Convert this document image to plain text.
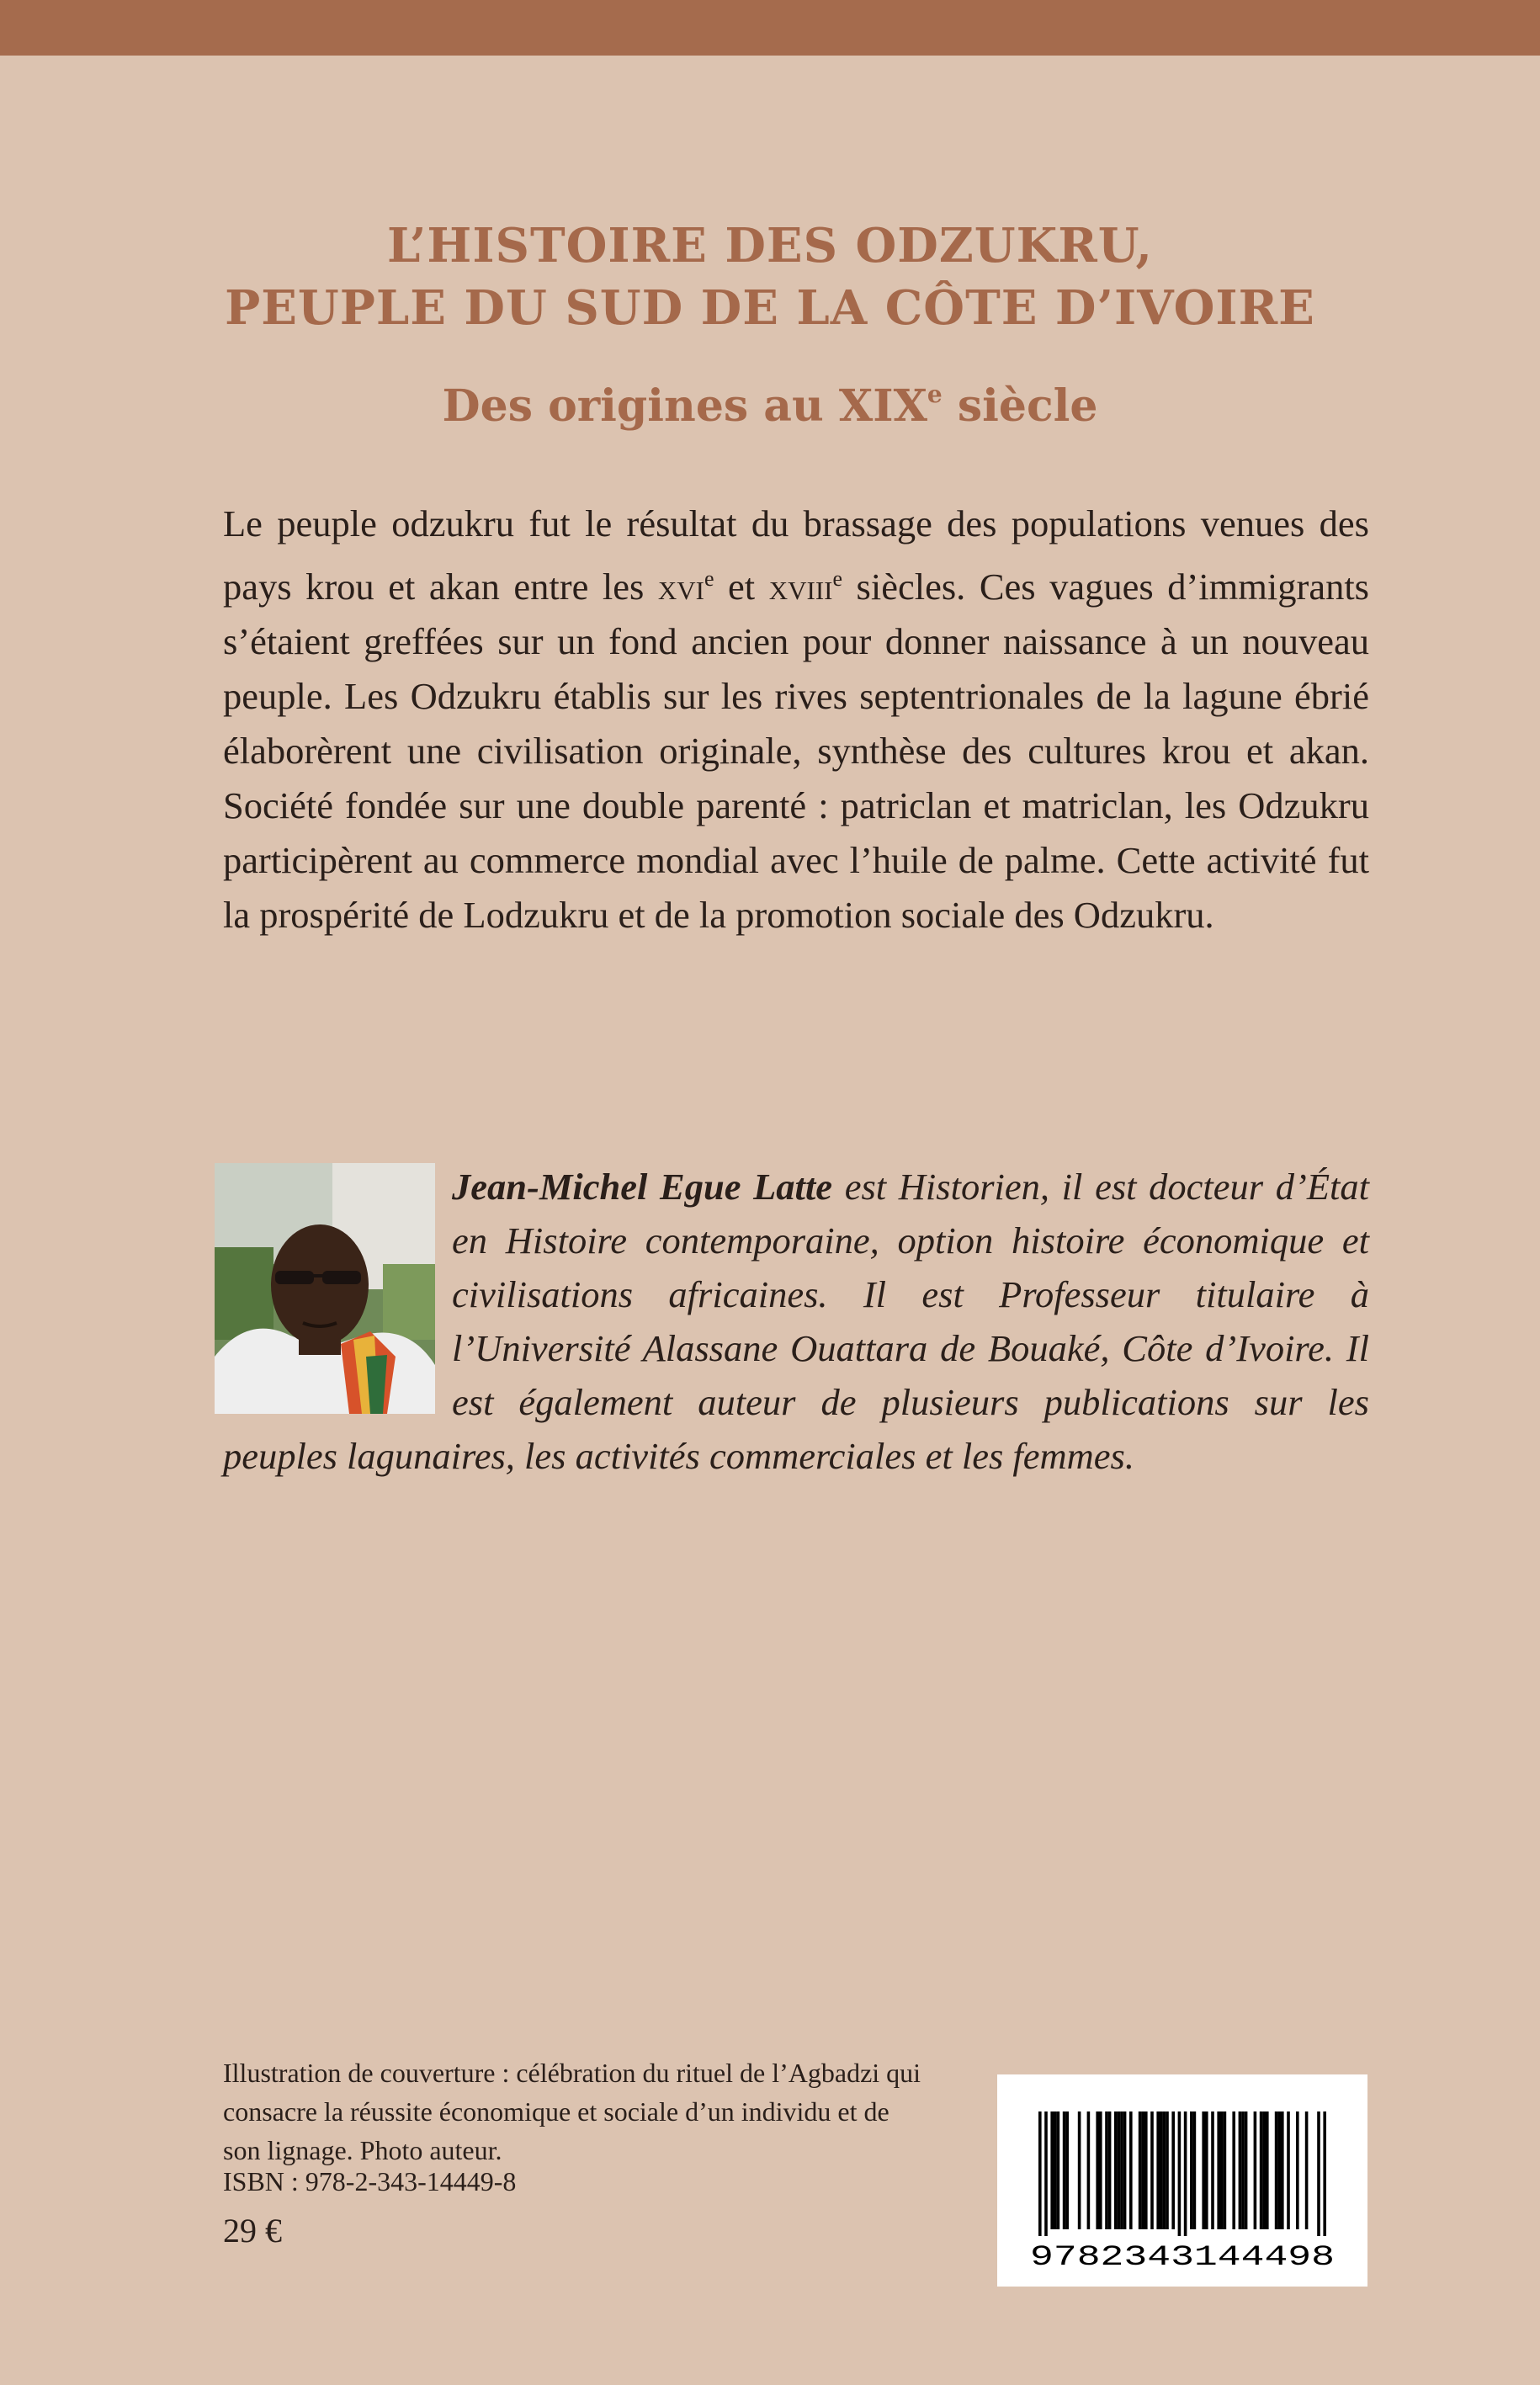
L’HISTOIRE DES ODZUKRU,
PEUPLE DU SUD DE LA CÔTE D’IVOIRE
Des origines au XIXe siècle
Le peuple odzukru fut le résultat du brassage des populations venues des pays krou et akan entre les xvi$^e$ et xviii$^e$ siècles. Ces vagues d’immigrants s’étaient greffées sur un fond ancien pour donner naissance à un nouveau peuple. Les Odzukru établis sur les rives septentrionales de la lagune ébrié élaborèrent une civilisation originale, synthèse des cultures krou et akan. Société fondée sur une double parenté : patriclan et matriclan, les Odzukru participèrent au commerce mondial avec l’huile de palme. Cette activité fut la prospérité de Lodzukru et de la promotion sociale des Odzukru.
Jean-Michel Egue Latte est Historien, il est docteur d’État en Histoire contemporaine, option histoire économique et civilisations africaines. Il est Professeur titulaire à l’Université Alassane Ouattara de Bouaké, Côte d’Ivoire. Il est également auteur de plusieurs publications sur les peuples lagunaires, les activités commerciales et les femmes.
Illustration de couverture : célébration du rituel de l’Agbadzi qui consacre la réussite économique et sociale d’un individu et de son lignage. Photo auteur.
ISBN : 978-2-343-14449-8
29 €
9782343144498
